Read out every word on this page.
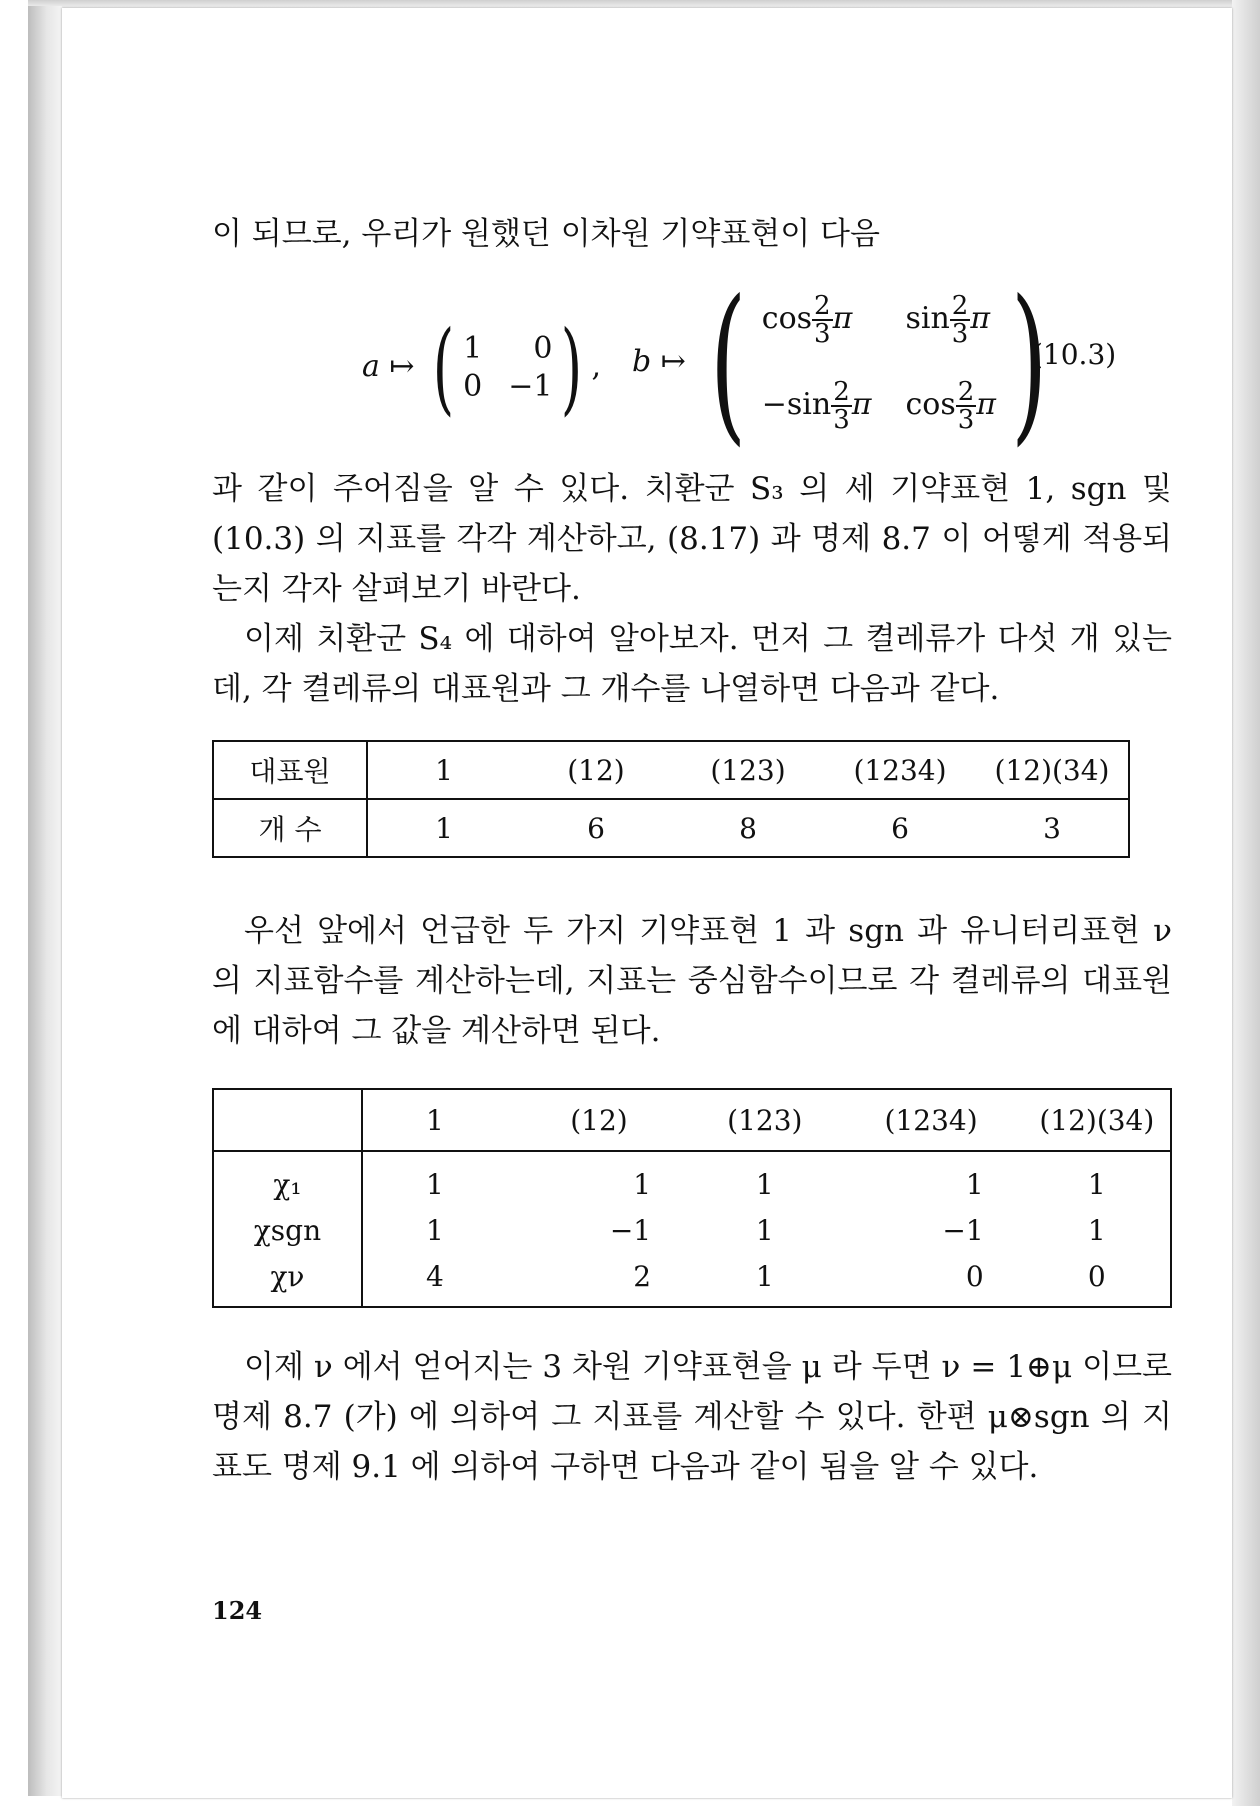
이 되므로, 우리가 원했던 이차원 기약표현이 다음
a ↦ ( 1	0
0 −1 ) , b ↦ ( $\cos \frac{2}{3}$ π	$\sin \frac{2}{3}$ π
$-\sin \frac{2}{3}$ π $\cos \frac{2}{3}$ π )
(10.3)

과 같이 주어짐을 알 수 있다. 치환군 S₃ 의 세 기약표현 1, sgn 및 (10.3) 의 지표를 각각 계산하고, (8.17) 과 명제 8.7 이 어떻게 적용되는지 각자 살펴보기 바란다.

이제 치환군 S₄ 에 대하여 알아보자. 먼저 그 켤레류가 다섯 개 있는데, 각 켤레류의 대표원과 그 개수를 나열하면 다음과 같다.

대표원	1	(12)	(123)	(1234)	(12)(34)
개 수	1	6	8	6	3

우선 앞에서 언급한 두 가지 기약표현 1 과 sgn 과 유니터리표현 ν 의 지표함수를 계산하는데, 지표는 중심함수이므로 각 켤레류의 대표원에 대하여 그 값을 계산하면 된다.

	1	(12)	(123)	(1234)	(12)(34)
χ₁	1	1	1	1	1
χsgn	1	−1	1	−1	1
χν	4	2	1	0	0

이제 ν 에서 얻어지는 3 차원 기약표현을 μ 라 두면 ν = 1⊕μ 이므로 명제 8.7 (가) 에 의하여 그 지표를 계산할 수 있다. 한편 μ⊗sgn 의 지표도 명제 9.1 에 의하여 구하면 다음과 같이 됨을 알 수 있다.

124
